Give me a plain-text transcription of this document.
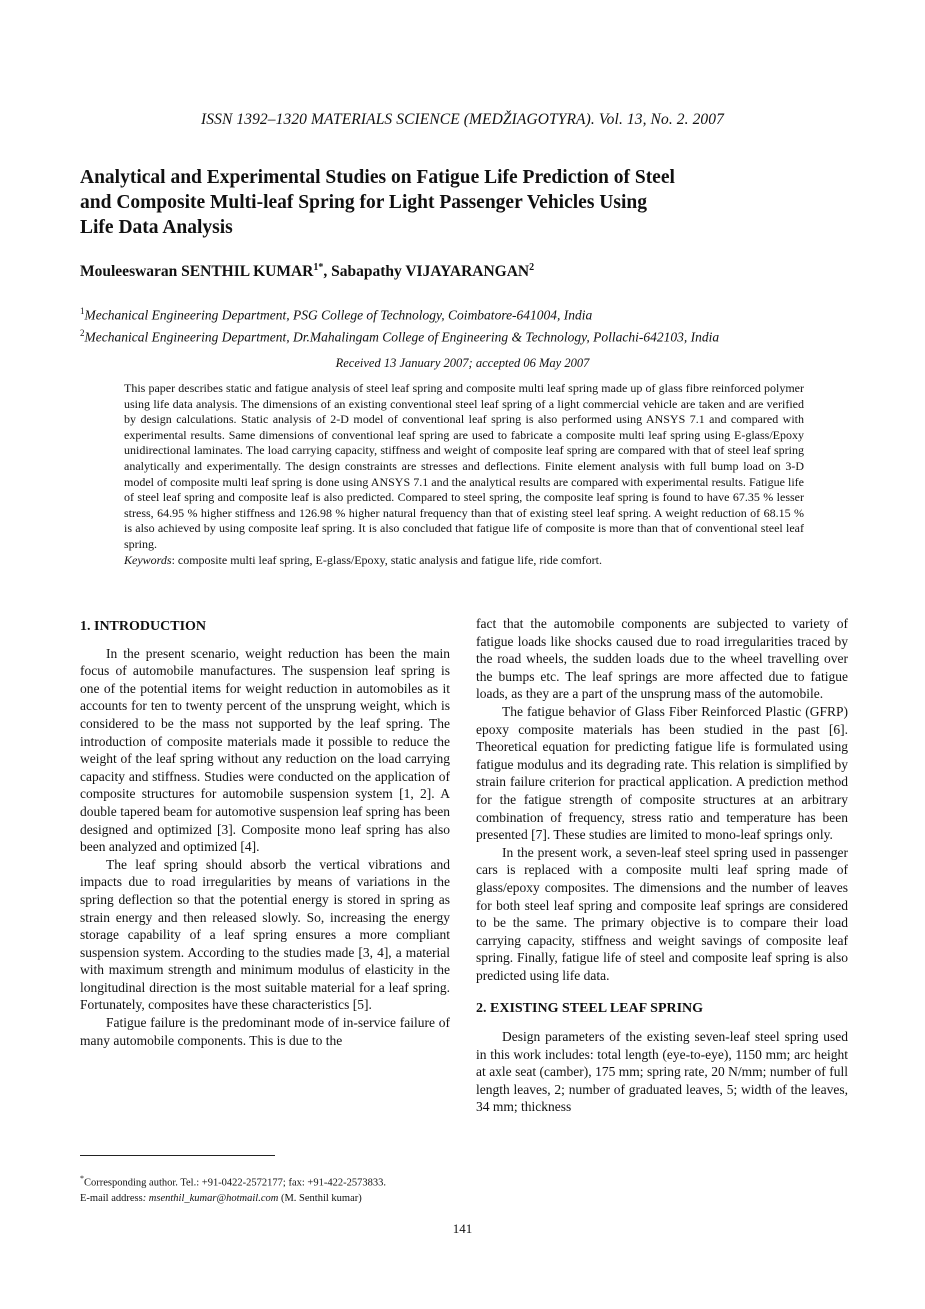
ISSN 1392–1320 MATERIALS SCIENCE (MEDŽIAGOTYRA). Vol. 13, No. 2. 2007
Analytical and Experimental Studies on Fatigue Life Prediction of Steel
and Composite Multi-leaf Spring for Light Passenger Vehicles Using
Life Data Analysis
Mouleeswaran SENTHIL $KUMAR^{1*}$, Sabapathy VIJAYARANGAN$^2$
$^1$Mechanical Engineering Department, PSG College of Technology, Coimbatore-641004, India
$^2$Mechanical Engineering Department, Dr.Mahalingam College of Engineering & Technology, Pollachi-642103, India
Received 13 January 2007; accepted 06 May 2007

This paper describes static and fatigue analysis of steel leaf spring and composite multi leaf spring made up of glass fibre reinforced polymer using life data analysis. The dimensions of an existing conventional steel leaf spring of a light commercial vehicle are taken and are verified by design calculations. Static analysis of 2-D model of conventional leaf spring is also performed using ANSYS 7.1 and compared with experimental results. Same dimensions of conventional leaf spring are used to fabricate a composite multi leaf spring using E-glass/Epoxy unidirectional laminates. The load carrying capacity, stiffness and weight of composite leaf spring are compared with that of steel leaf spring analytically and experimentally. The design constraints are stresses and deflections. Finite element analysis with full bump load on 3-D model of composite multi leaf spring is done using ANSYS 7.1 and the analytical results are compared with experimental results. Fatigue life of steel leaf spring and composite leaf is also predicted. Compared to steel spring, the composite leaf spring is found to have 67.35 % lesser stress, 64.95 % higher stiffness and 126.98 % higher natural frequency than that of existing steel leaf spring. A weight reduction of 68.15 % is also achieved by using composite leaf spring. It is also concluded that fatigue life of composite is more than that of conventional steel leaf spring.

Keywords: composite multi leaf spring, E-glass/Epoxy, static analysis and fatigue life, ride comfort.

1. INTRODUCTION

In the present scenario, weight reduction has been the main focus of automobile manufactures. The suspension leaf spring is one of the potential items for weight reduction in automobiles as it accounts for ten to twenty percent of the unsprung weight, which is considered to be the mass not supported by the leaf spring. The introduction of composite materials made it possible to reduce the weight of the leaf spring without any reduction on the load carrying capacity and stiffness. Studies were conducted on the application of composite structures for automobile suspension system [1, 2]. A double tapered beam for automotive suspension leaf spring has been designed and optimized [3]. Composite mono leaf spring has also been analyzed and optimized [4].

The leaf spring should absorb the vertical vibrations and impacts due to road irregularities by means of variations in the spring deflection so that the potential energy is stored in spring as strain energy and then released slowly. So, increasing the energy storage capability of a leaf spring ensures a more compliant suspension system. According to the studies made [3, 4], a material with maximum strength and minimum modulus of elasticity in the longitudinal direction is the most suitable material for a leaf spring. Fortunately, composites have these characteristics [5].

Fatigue failure is the predominant mode of in-service failure of many automobile components. This is due to the

fact that the automobile components are subjected to variety of fatigue loads like shocks caused due to road irregularities traced by the road wheels, the sudden loads due to the wheel travelling over the bumps etc. The leaf springs are more affected due to fatigue loads, as they are a part of the unsprung mass of the automobile.

The fatigue behavior of Glass Fiber Reinforced Plastic (GFRP) epoxy composite materials has been studied in the past [6]. Theoretical equation for predicting fatigue life is formulated using fatigue modulus and its degrading rate. This relation is simplified by strain failure criterion for practical application. A prediction method for the fatigue strength of composite structures at an arbitrary combination of frequency, stress ratio and temperature has been presented [7]. These studies are limited to mono-leaf springs only.

In the present work, a seven-leaf steel spring used in passenger cars is replaced with a composite multi leaf spring made of glass/epoxy composites. The dimensions and the number of leaves for both steel leaf spring and composite leaf springs are considered to be the same. The primary objective is to compare their load carrying capacity, stiffness and weight savings of composite leaf spring. Finally, fatigue life of steel and composite leaf spring is also predicted using life data.

2. EXISTING STEEL LEAF SPRING

Design parameters of the existing seven-leaf steel spring used in this work includes: total length (eye-to-eye), 1150 mm; arc height at axle seat (camber), 175 mm; spring rate, 20 N/mm; number of full length leaves, 2; number of graduated leaves, 5; width of the leaves, 34 mm; thickness

*Corresponding author. Tel.: +91-0422-2572177; fax: +91-422-2573833.
E-mail address: msenthil_kumar@hotmail.com (M. Senthil kumar)
141
